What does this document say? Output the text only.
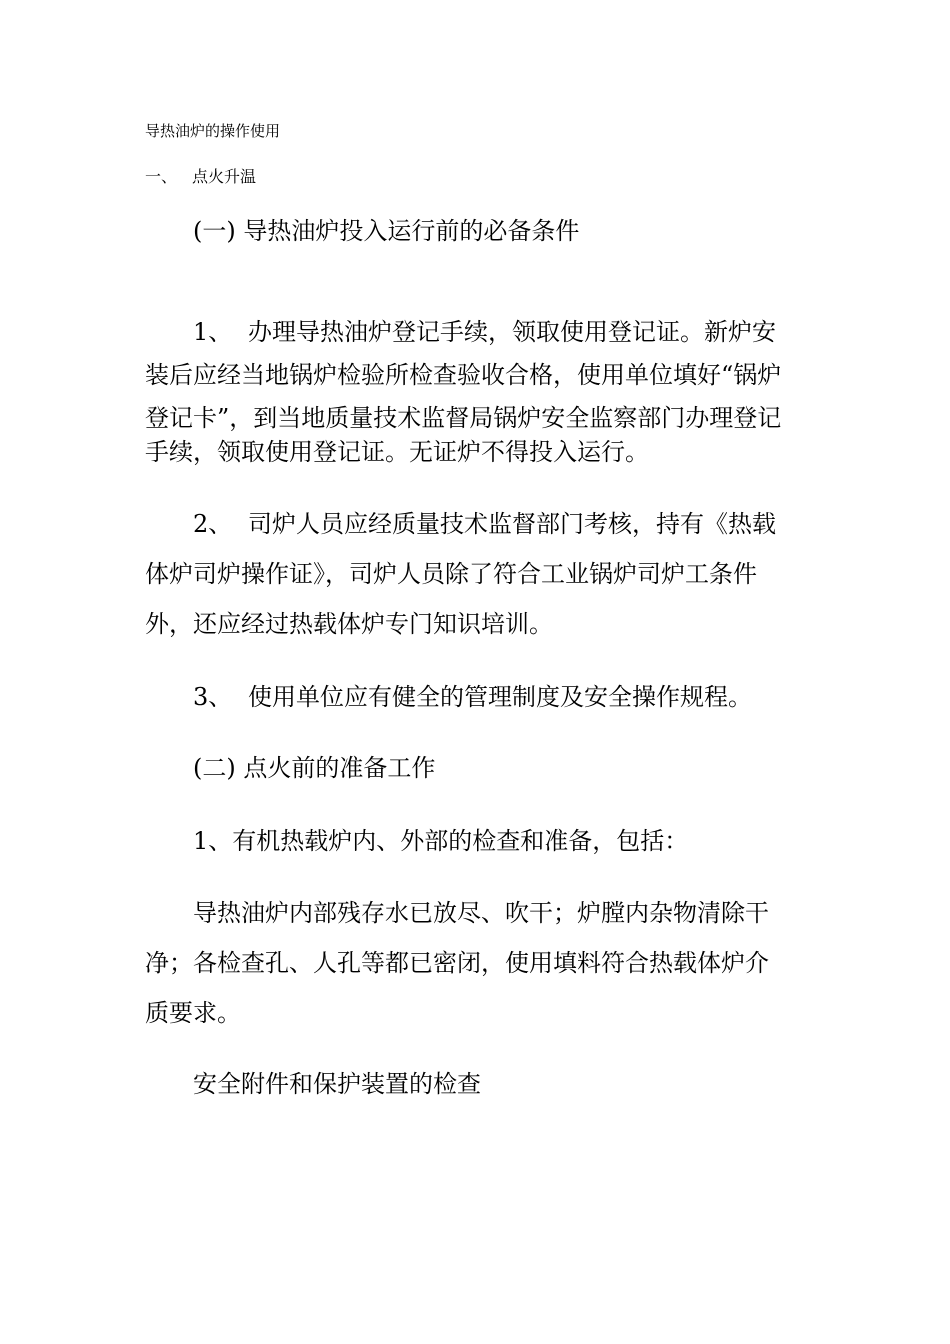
导热油炉的操作使用
一、 点火升温
(一) 导热油炉投入运行前的必备条件
1、 办理导热油炉登记手续，领取使用登记证。新炉安
装后应经当地锅炉检验所检查验收合格，使用单位填好“锅炉
登记卡”，到当地质量技术监督局锅炉安全监察部门办理登记
手续，领取使用登记证。无证炉不得投入运行。
2、 司炉人员应经质量技术监督部门考核，持有《热载
体炉司炉操作证》，司炉人员除了符合工业锅炉司炉工条件
外，还应经过热载体炉专门知识培训。
3、 使用单位应有健全的管理制度及安全操作规程。
(二) 点火前的准备工作
1、有机热载炉内、外部的检查和准备，包括：
导热油炉内部残存水已放尽、吹干；炉膛内杂物清除干
净；各检查孔、人孔等都已密闭，使用填料符合热载体炉介
质要求。
安全附件和保护装置的检查
